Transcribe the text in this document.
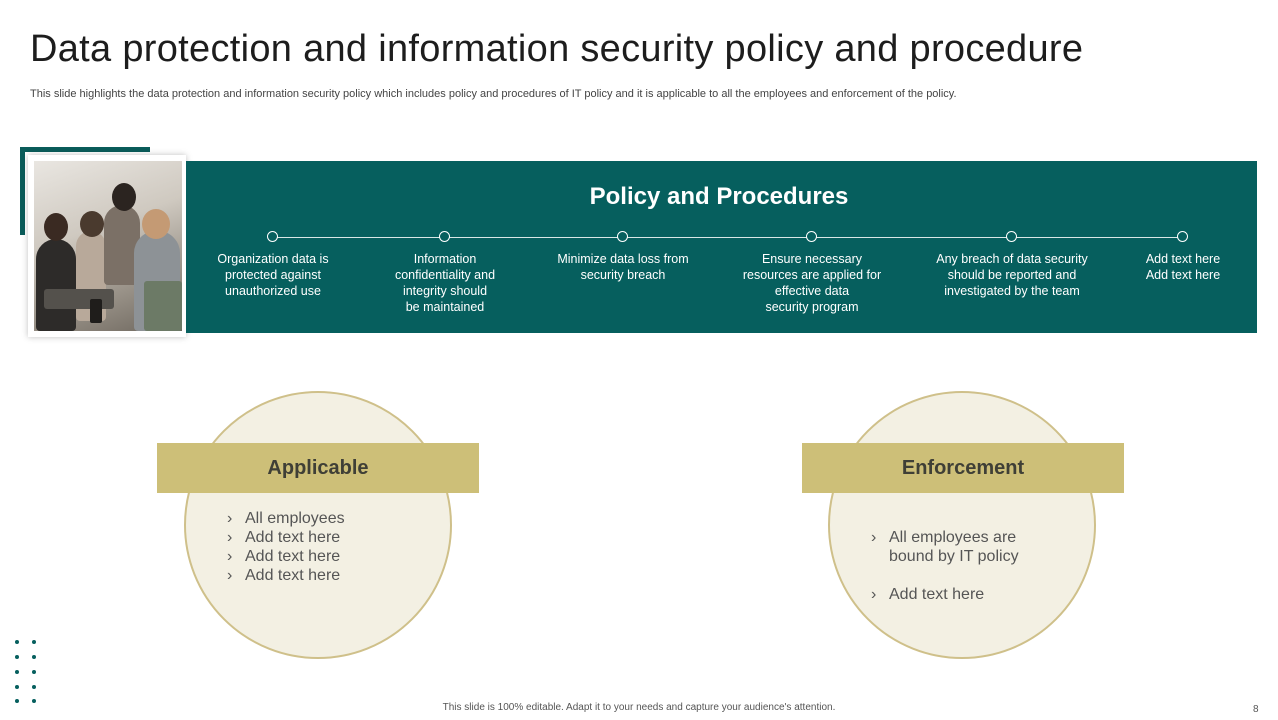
Data protection and information security policy and procedure
This slide highlights the data protection and information security policy which includes policy and procedures of IT policy and it is applicable to all the employees and enforcement of the policy.
Policy and Procedures
Organization data is
protected against
unauthorized use
Information
confidentiality and
integrity should
be maintained
Minimize data loss from
security breach
Ensure necessary
resources are applied for
effective data
security program
Any breach of data security
should be reported and
investigated by the team
Add text here
Add text here
Applicable
› All employees
› Add text here
› Add text here
› Add text here
Enforcement

› All employees are
bound by IT policy

› Add text here

This slide is 100% editable. Adapt it to your needs and capture your audience's attention.	8
